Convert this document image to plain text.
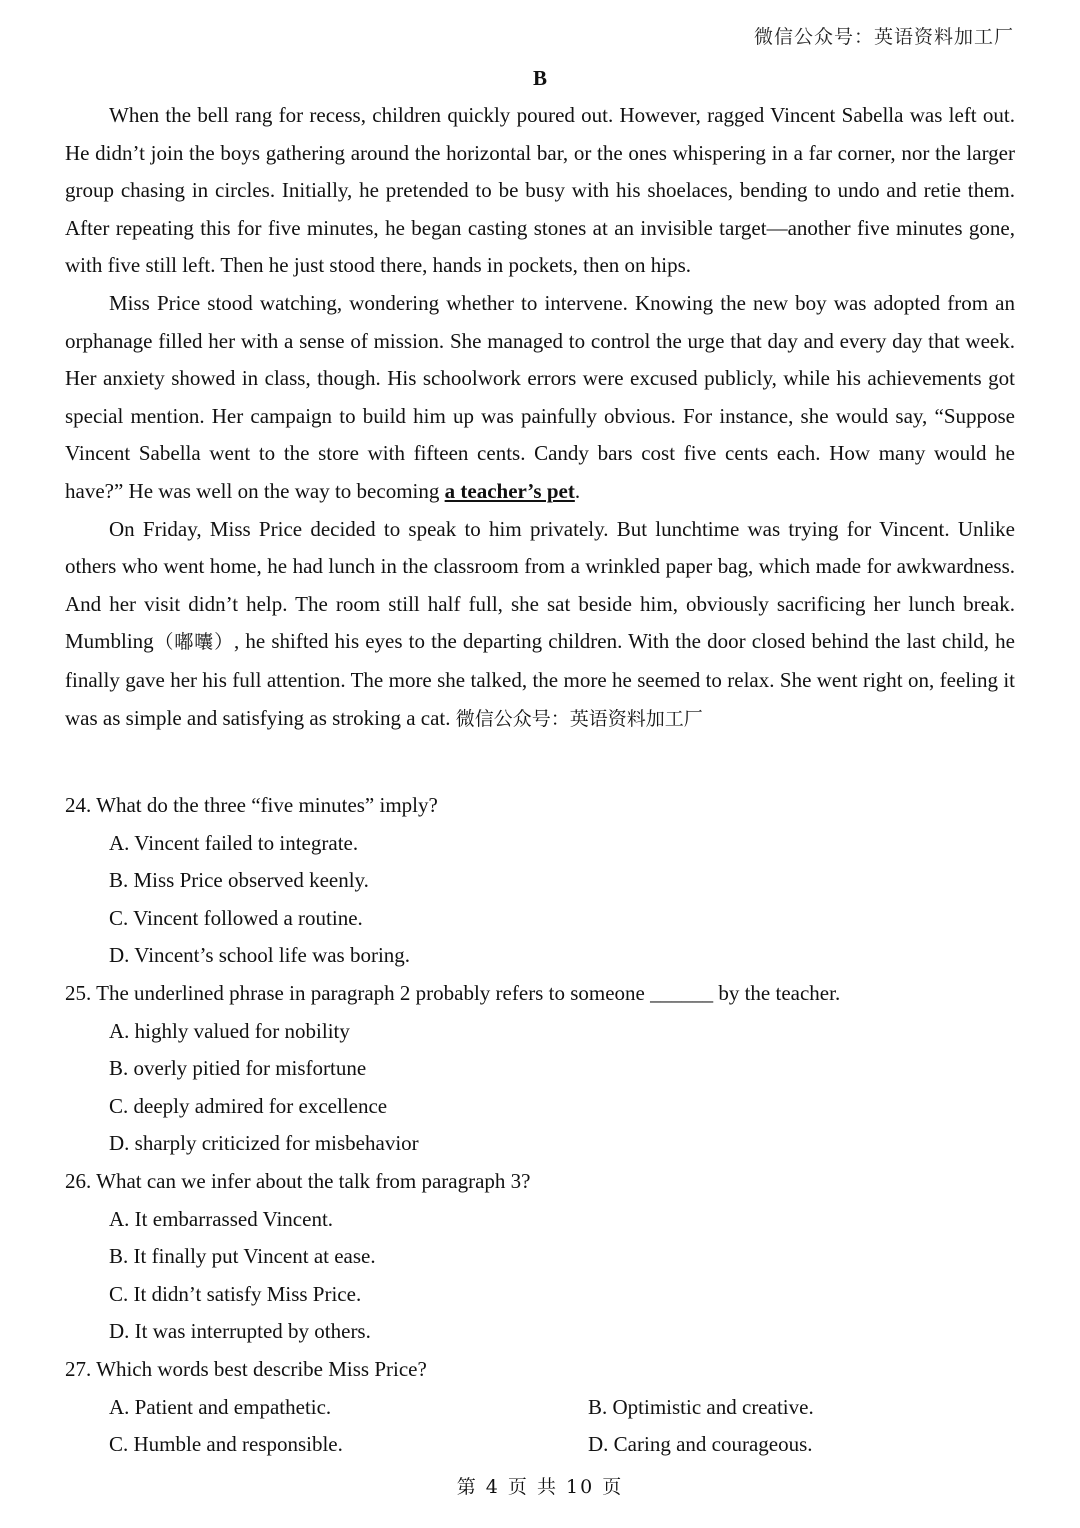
微信公众号：英语资料加工厂
B

When the bell rang for recess, children quickly poured out. However, ragged Vincent Sabella was left out. He didn’t join the boys gathering around the horizontal bar, or the ones whispering in a far corner, nor the larger group chasing in circles. Initially, he pretended to be busy with his shoelaces, bending to undo and retie them. After repeating this for five minutes, he began casting stones at an invisible target—another five minutes gone, with five still left. Then he just stood there, hands in pockets, then on hips.

Miss Price stood watching, wondering whether to intervene. Knowing the new boy was adopted from an orphanage filled her with a sense of mission. She managed to control the urge that day and every day that week. Her anxiety showed in class, though. His schoolwork errors were excused publicly, while his achievements got special mention. Her campaign to build him up was painfully obvious. For instance, she would say, “Suppose Vincent Sabella went to the store with fifteen cents. Candy bars cost five cents each. How many would he have?” He was well on the way to becoming a teacher’s pet.

On Friday, Miss Price decided to speak to him privately. But lunchtime was trying for Vincent. Unlike others who went home, he had lunch in the classroom from a wrinkled paper bag, which made for awkwardness. And her visit didn’t help. The room still half full, she sat beside him, obviously sacrificing her lunch break. Mumbling（嘟囔）, he shifted his eyes to the departing children. With the door closed behind the last child, he finally gave her his full attention. The more she talked, the more he seemed to relax. She went right on, feeling it was as simple and satisfying as stroking a cat. 微信公众号：英语资料加工厂

24. What do the three “five minutes” imply?

A. Vincent failed to integrate.

B. Miss Price observed keenly.

C. Vincent followed a routine.

D. Vincent’s school life was boring.

25. The underlined phrase in paragraph 2 probably refers to someone ______ by the teacher.

A. highly valued for nobility

B. overly pitied for misfortune

C. deeply admired for excellence

D. sharply criticized for misbehavior

26. What can we infer about the talk from paragraph 3?

A. It embarrassed Vincent.

B. It finally put Vincent at ease.

C. It didn’t satisfy Miss Price.

D. It was interrupted by others.

27. Which words best describe Miss Price?

A. Patient and empathetic.	B. Optimistic and creative.

C. Humble and responsible.	D. Caring and courageous.

第 4 页 共 10 页
